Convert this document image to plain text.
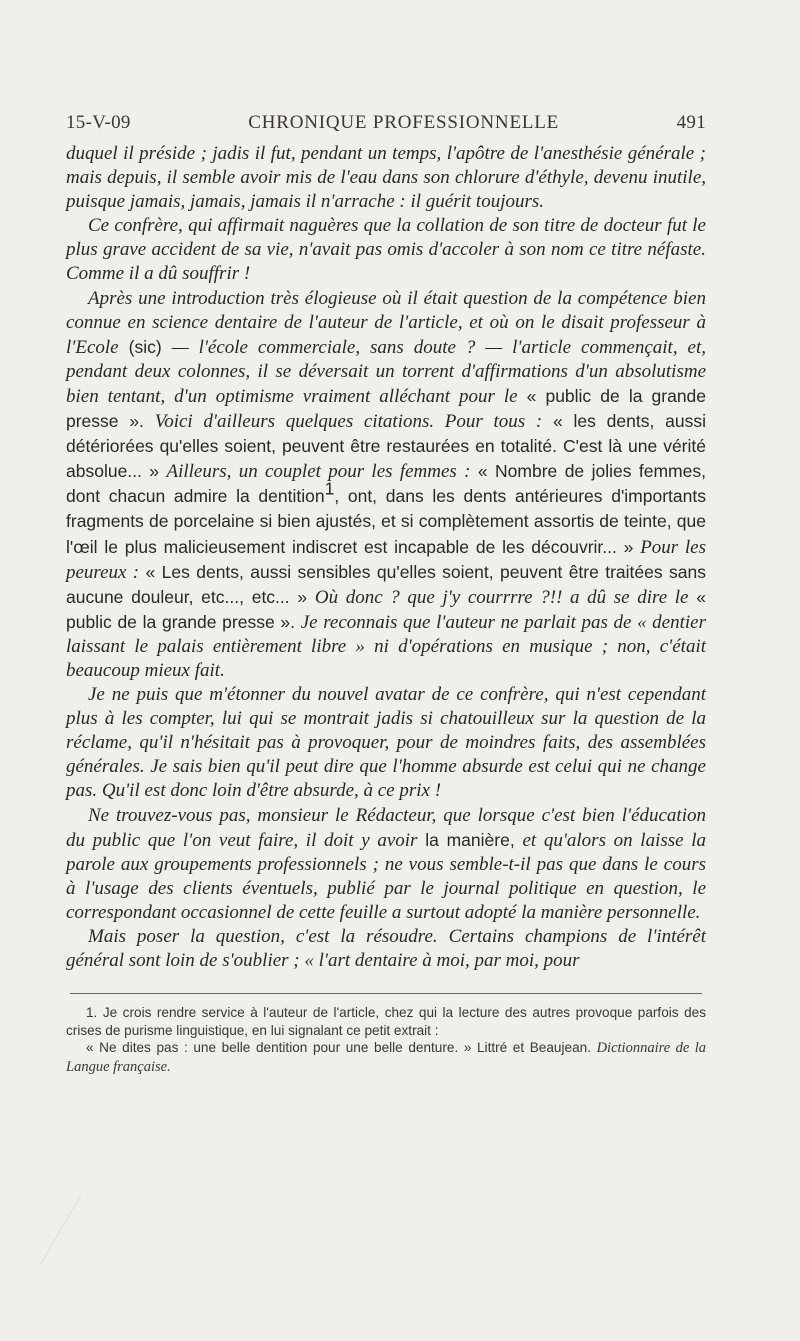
15-V-09	CHRONIQUE PROFESSIONNELLE	491

duquel il préside ; jadis il fut, pendant un temps, l'apôtre de l'anesthésie générale ; mais depuis, il semble avoir mis de l'eau dans son chlorure d'éthyle, devenu inutile, puisque jamais, jamais, jamais il n'arrache : il guérit toujours.

Ce confrère, qui affirmait naguères que la collation de son titre de docteur fut le plus grave accident de sa vie, n'avait pas omis d'accoler à son nom ce titre néfaste. Comme il a dû souffrir !

Après une introduction très élogieuse où il était question de la compétence bien connue en science dentaire de l'auteur de l'article, et où on le disait professeur à l'Ecole (sic) — l'école commerciale, sans doute ? — l'article commençait, et, pendant deux colonnes, il se déversait un torrent d'affirmations d'un absolutisme bien tentant, d'un optimisme vraiment alléchant pour le « public de la grande presse ». Voici d'ailleurs quelques citations. Pour tous : « les dents, aussi détériorées qu'elles soient, peuvent être restaurées en totalité. C'est là une vérité absolue... » Ailleurs, un couplet pour les femmes : « Nombre de jolies femmes, dont chacun admire la dentition$^1$, ont, dans les dents antérieures d'importants fragments de porcelaine si bien ajustés, et si complètement assortis de teinte, que l'œil le plus malicieusement indiscret est incapable de les découvrir... » Pour les peureux : « Les dents, aussi sensibles qu'elles soient, peuvent être traitées sans aucune douleur, etc..., etc... » Où donc ? que j'y courrrre ?!! a dû se dire le « public de la grande presse ». Je reconnais que l'auteur ne parlait pas de « dentier laissant le palais entièrement libre » ni d'opérations en musique ; non, c'était beaucoup mieux fait.

Je ne puis que m'étonner du nouvel avatar de ce confrère, qui n'est cependant plus à les compter, lui qui se montrait jadis si chatouilleux sur la question de la réclame, qu'il n'hésitait pas à provoquer, pour de moindres faits, des assemblées générales. Je sais bien qu'il peut dire que l'homme absurde est celui qui ne change pas. Qu'il est donc loin d'être absurde, à ce prix !

Ne trouvez-vous pas, monsieur le Rédacteur, que lorsque c'est bien l'éducation du public que l'on veut faire, il doit y avoir la manière, et qu'alors on laisse la parole aux groupements professionnels ; ne vous semble-t-il pas que dans le cours à l'usage des clients éventuels, publié par le journal politique en question, le correspondant occasionnel de cette feuille a surtout adopté la manière personnelle.

Mais poser la question, c'est la résoudre. Certains champions de l'intérêt général sont loin de s'oublier ; « l'art dentaire à moi, par moi, pour

1. Je crois rendre service à l'auteur de l'article, chez qui la lecture des autres provoque parfois des crises de purisme linguistique, en lui signalant ce petit extrait :

« Ne dites pas : une belle dentition pour une belle denture. » Littré et Beaujean. Dictionnaire de la Langue française.
